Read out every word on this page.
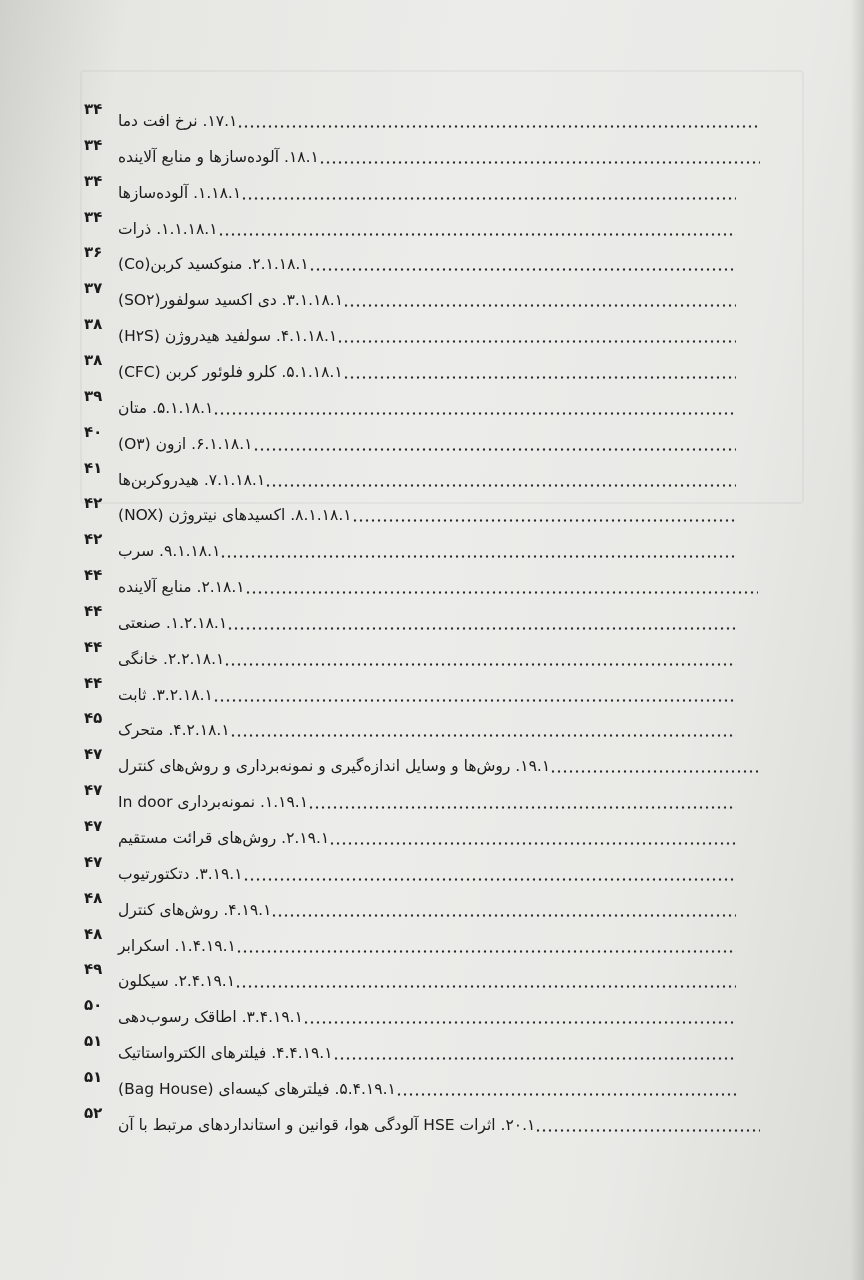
۱۷.۱. نرخ افت دما
۳۴
۱۸.۱. آلوده‌سازها و منابع آلاینده
۳۴
۱.۱۸.۱. آلوده‌سازها
۳۴
۱.۱.۱۸.۱. ذرات
۳۴
۲.۱.۱۸.۱. منوکسید کربن(Co)
۳۶
۳.۱.۱۸.۱. دی اکسید سولفور(SO۲)
۳۷
۴.۱.۱۸.۱. سولفید هیدروژن (H۲S)
۳۸
۵.۱.۱۸.۱. کلرو فلوئور کربن (CFC)
۳۸
۵.۱.۱۸.۱. متان
۳۹
۶.۱.۱۸.۱. ازون (O۳)
۴۰
۷.۱.۱۸.۱. هیدروکربن‌ها
۴۱
۸.۱.۱۸.۱. اکسیدهای نیتروژن (NOX)
۴۲
۹.۱.۱۸.۱. سرب
۴۲
۲.۱۸.۱. منابع آلاینده
۴۴
۱.۲.۱۸.۱. صنعتی
۴۴
۲.۲.۱۸.۱. خانگی
۴۴
۳.۲.۱۸.۱. ثابت
۴۴
۴.۲.۱۸.۱. متحرک
۴۵
۱۹.۱. روش‌ها و وسایل اندازه‌گیری و نمونه‌برداری و روش‌های کنترل
۴۷
۱.۱۹.۱. نمونه‌برداری In door
۴۷
۲.۱۹.۱. روش‌های قرائت مستقیم
۴۷
۳.۱۹.۱. دتکتورتیوب
۴۷
۴.۱۹.۱. روش‌های کنترل
۴۸
۱.۴.۱۹.۱. اسکرابر
۴۸
۲.۴.۱۹.۱. سیکلون
۴۹
۳.۴.۱۹.۱. اطاقک رسوب‌دهی
۵۰
۴.۴.۱۹.۱. فیلترهای الکترواستاتیک
۵۱
۵.۴.۱۹.۱. فیلترهای کیسه‌ای (Bag House)
۵۱
۲۰.۱. اثرات HSE آلودگی هوا، قوانین و استانداردهای مرتبط با آن
۵۲
